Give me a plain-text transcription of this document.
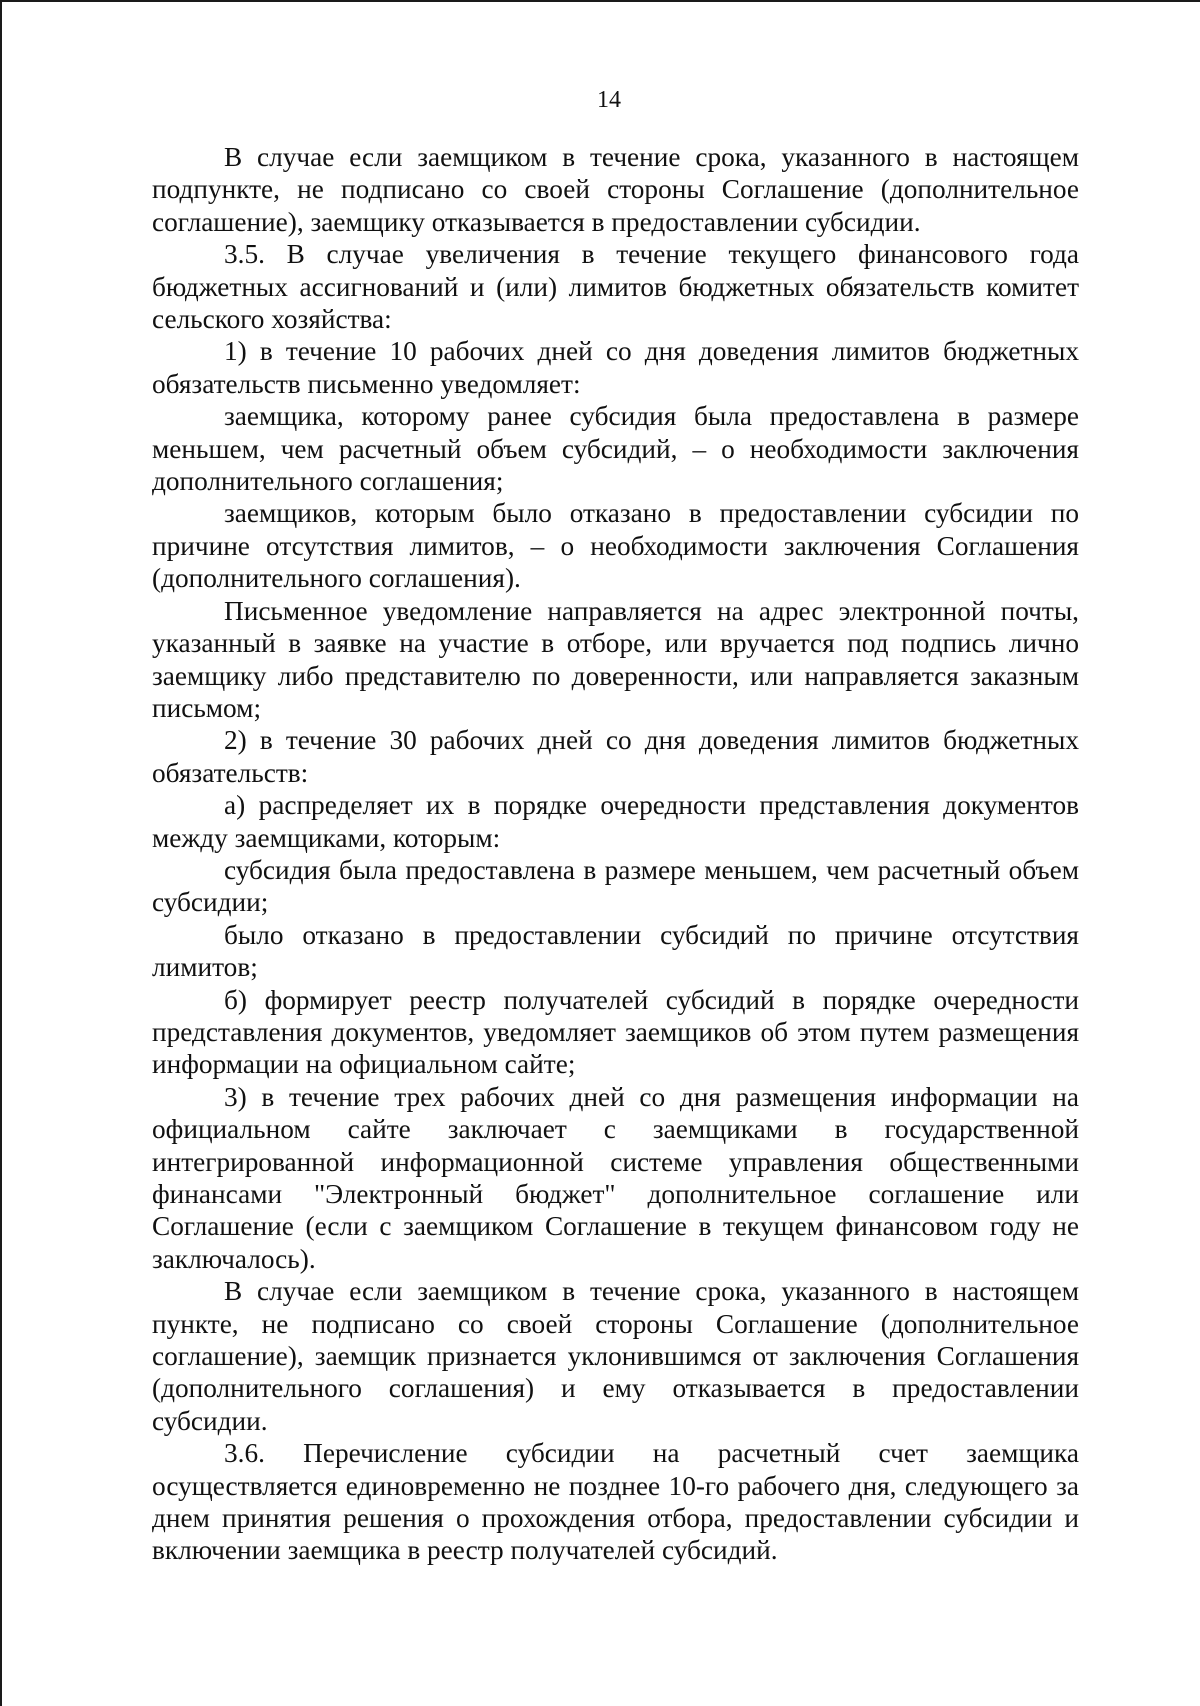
14

В случае если заемщиком в течение срока, указанного в настоящем подпункте, не подписано со своей стороны Соглашение (дополнительное соглашение), заемщику отказывается в предоставлении субсидии.

3.5. В случае увеличения в течение текущего финансового года бюджетных ассигнований и (или) лимитов бюджетных обязательств комитет сельского хозяйства:

1) в течение 10 рабочих дней со дня доведения лимитов бюджетных обязательств письменно уведомляет:

заемщика, которому ранее субсидия была предоставлена в размере меньшем, чем расчетный объем субсидий, – о необходимости заключения дополнительного соглашения;

заемщиков, которым было отказано в предоставлении субсидии по причине отсутствия лимитов, – о необходимости заключения Соглашения (дополнительного соглашения).

Письменное уведомление направляется на адрес электронной почты, указанный в заявке на участие в отборе, или вручается под подпись лично заемщику либо представителю по доверенности, или направляется заказным письмом;

2) в течение 30 рабочих дней со дня доведения лимитов бюджетных обязательств:

а) распределяет их в порядке очередности представления документов между заемщиками, которым:

субсидия была предоставлена в размере меньшем, чем расчетный объем субсидии;

было отказано в предоставлении субсидий по причине отсутствия лимитов;

б) формирует реестр получателей субсидий в порядке очередности представления документов, уведомляет заемщиков об этом путем размещения информации на официальном сайте;

3) в течение трех рабочих дней со дня размещения информации на официальном сайте заключает с заемщиками в государственной интегрированной информационной системе управления общественными финансами "Электронный бюджет" дополнительное соглашение или Соглашение (если с заемщиком Соглашение в текущем финансовом году не заключалось).

В случае если заемщиком в течение срока, указанного в настоящем пункте, не подписано со своей стороны Соглашение (дополнительное соглашение), заемщик признается уклонившимся от заключения Соглашения (дополнительного соглашения) и ему отказывается в предоставлении субсидии.

3.6. Перечисление субсидии на расчетный счет заемщика осуществляется единовременно не позднее 10-го рабочего дня, следующего за днем принятия решения о прохождения отбора, предоставлении субсидии и включении заемщика в реестр получателей субсидий.
